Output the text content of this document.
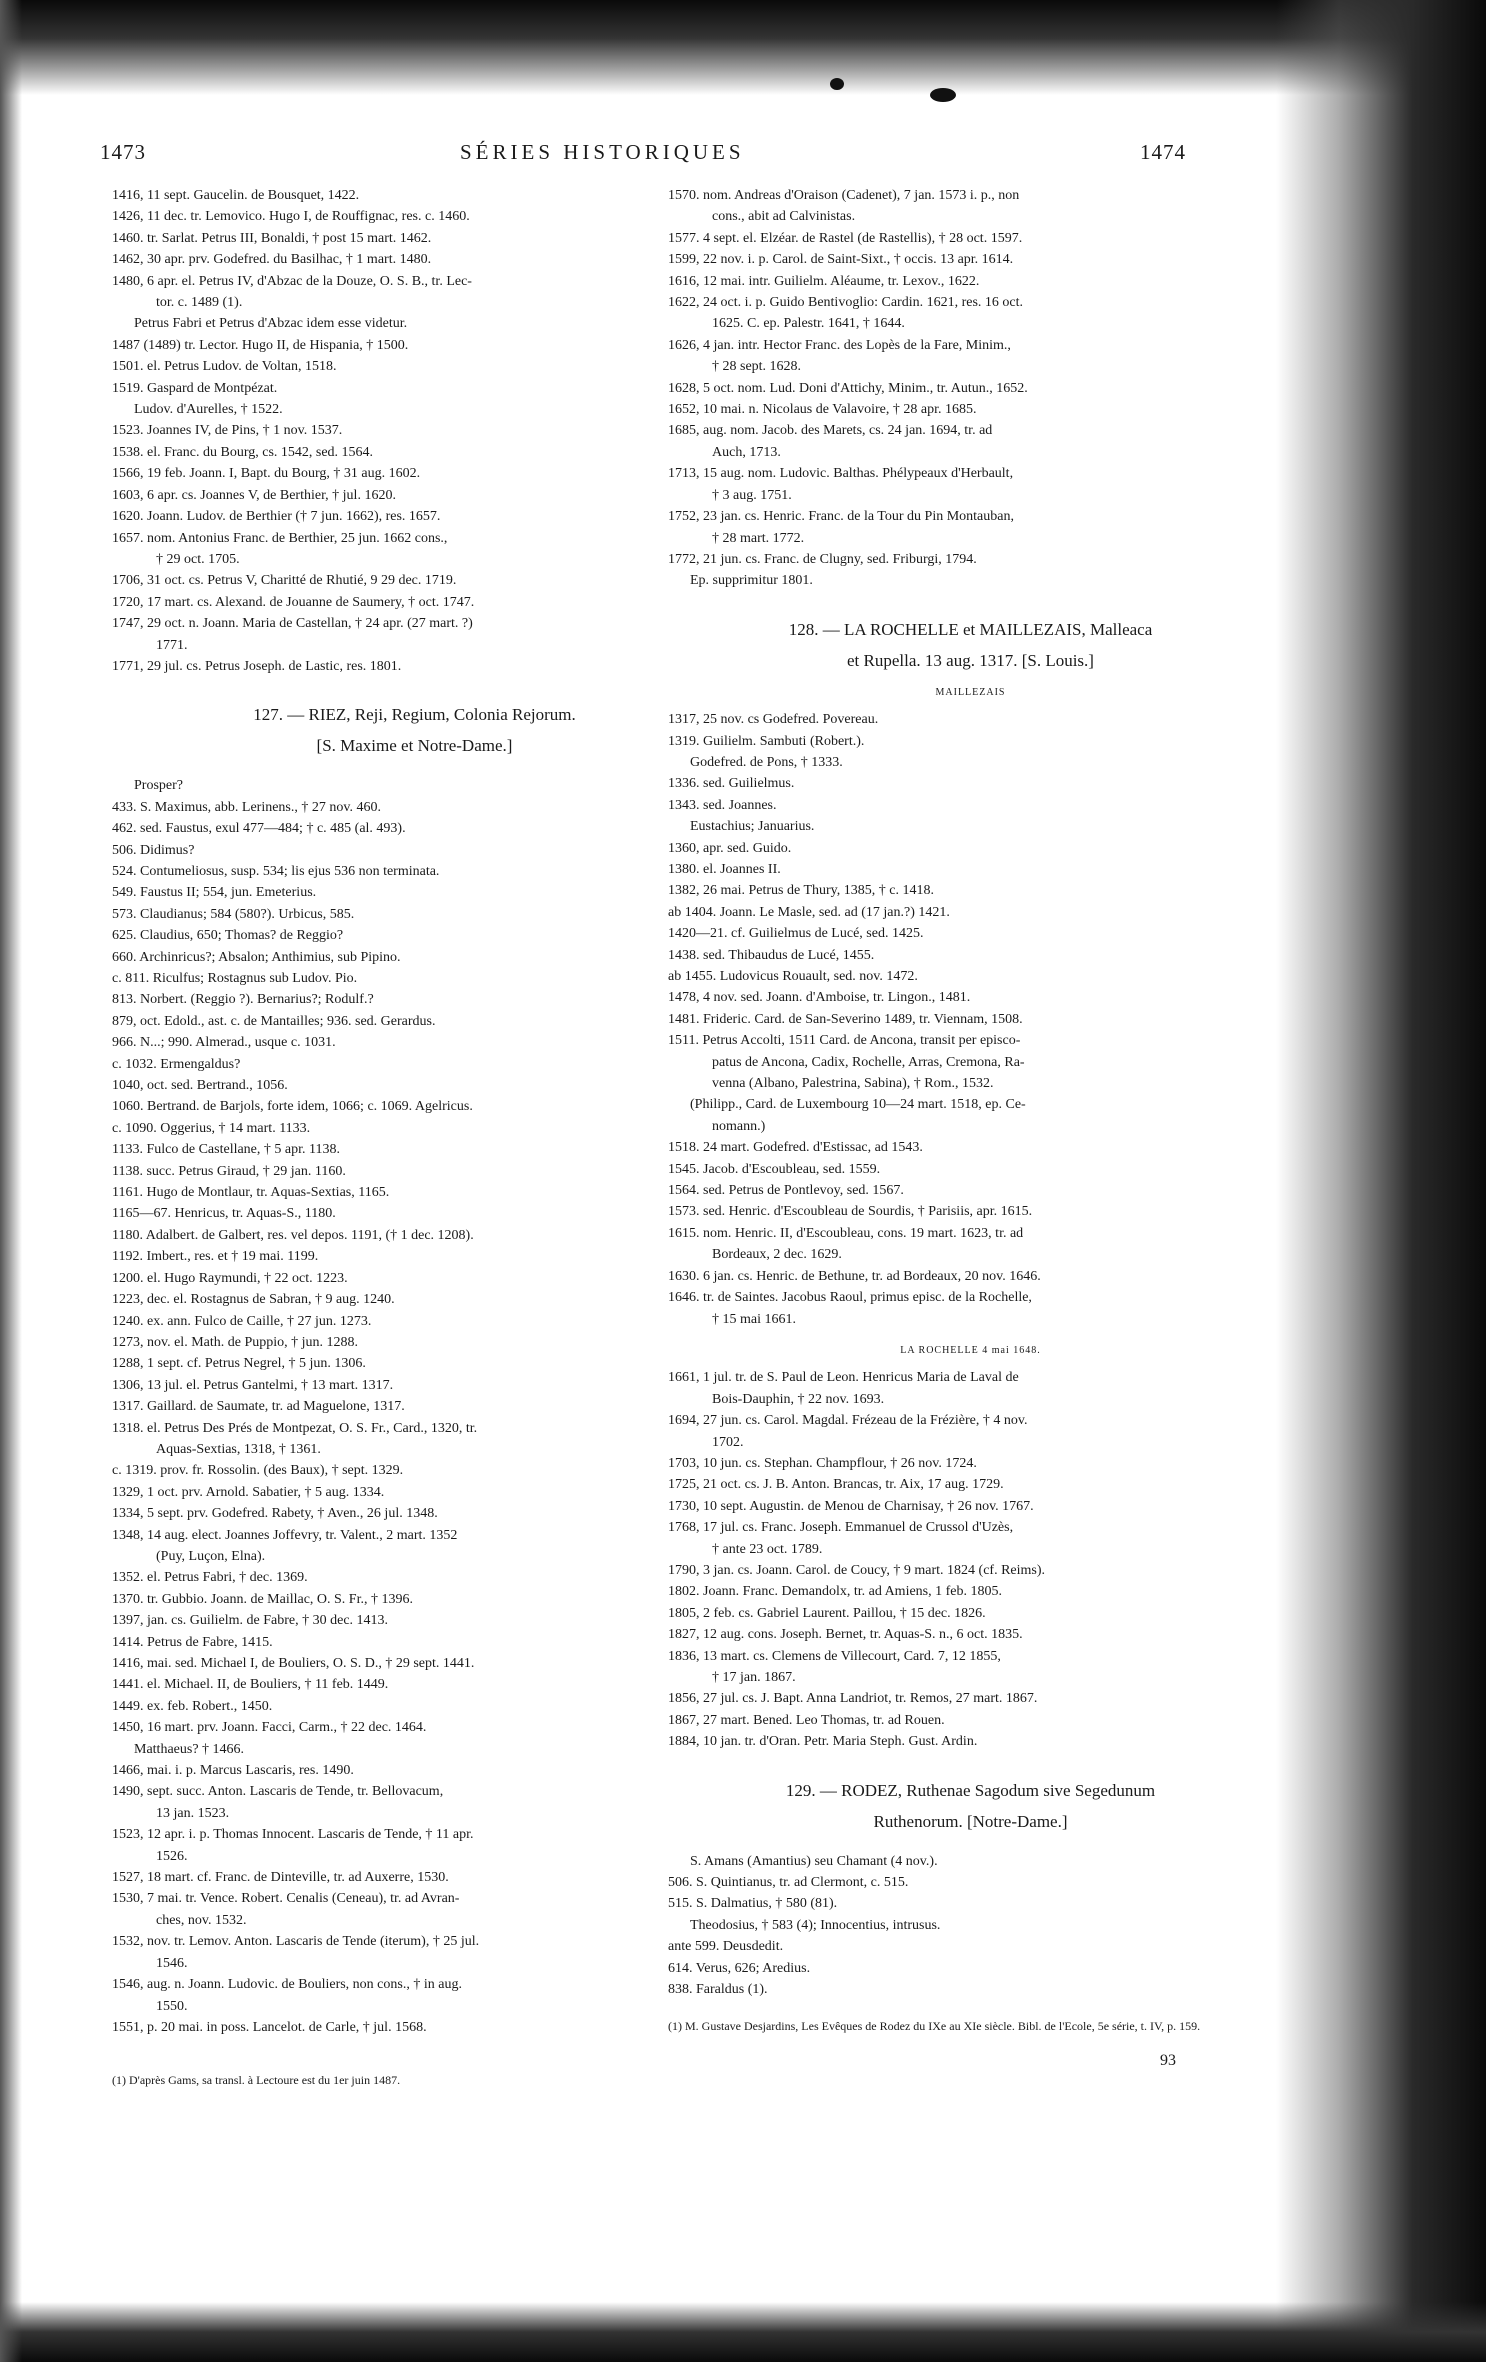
1473	SÉRIES HISTORIQUES	1474
1416, 11 sept. Gaucelin. de Bousquet, 1422.
1426, 11 dec. tr. Lemovico. Hugo I, de Rouffignac, res. c. 1460.
1460. tr. Sarlat. Petrus III, Bonaldi, † post 15 mart. 1462.
1462, 30 apr. prv. Godefred. du Basilhac, † 1 mart. 1480.
1480, 6 apr. el. Petrus IV, d'Abzac de la Douze, O. S. B., tr. Lec-
tor. c. 1489 (1).
Petrus Fabri et Petrus d'Abzac idem esse videtur.
1487 (1489) tr. Lector. Hugo II, de Hispania, † 1500.
1501. el. Petrus Ludov. de Voltan, 1518.
1519. Gaspard de Montpézat.
Ludov. d'Aurelles, † 1522.
1523. Joannes IV, de Pins, † 1 nov. 1537.
1538. el. Franc. du Bourg, cs. 1542, sed. 1564.
1566, 19 feb. Joann. I, Bapt. du Bourg, † 31 aug. 1602.
1603, 6 apr. cs. Joannes V, de Berthier, † jul. 1620.
1620. Joann. Ludov. de Berthier († 7 jun. 1662), res. 1657.
1657. nom. Antonius Franc. de Berthier, 25 jun. 1662 cons.,
† 29 oct. 1705.
1706, 31 oct. cs. Petrus V, Charitté de Rhutié, 9 29 dec. 1719.
1720, 17 mart. cs. Alexand. de Jouanne de Saumery, † oct. 1747.
1747, 29 oct. n. Joann. Maria de Castellan, † 24 apr. (27 mart. ?)
1771.
1771, 29 jul. cs. Petrus Joseph. de Lastic, res. 1801.
127. — RIEZ, Reji, Regium, Colonia Rejorum.
[S. Maxime et Notre-Dame.]
Prosper?
433. S. Maximus, abb. Lerinens., † 27 nov. 460.
462. sed. Faustus, exul 477—484; † c. 485 (al. 493).
506. Didimus?
524. Contumeliosus, susp. 534; lis ejus 536 non terminata.
549. Faustus II; 554, jun. Emeterius.
573. Claudianus; 584 (580?). Urbicus, 585.
625. Claudius, 650; Thomas? de Reggio?
660. Archinricus?; Absalon; Anthimius, sub Pipino.
c. 811. Riculfus; Rostagnus sub Ludov. Pio.
813. Norbert. (Reggio ?). Bernarius?; Rodulf.?
879, oct. Edold., ast. c. de Mantailles; 936. sed. Gerardus.
966. N...; 990. Almerad., usque c. 1031.
c. 1032. Ermengaldus?
1040, oct. sed. Bertrand., 1056.
1060. Bertrand. de Barjols, forte idem, 1066; c. 1069. Agelricus.
c. 1090. Oggerius, † 14 mart. 1133.
1133. Fulco de Castellane, † 5 apr. 1138.
1138. succ. Petrus Giraud, † 29 jan. 1160.
1161. Hugo de Montlaur, tr. Aquas-Sextias, 1165.
1165—67. Henricus, tr. Aquas-S., 1180.
1180. Adalbert. de Galbert, res. vel depos. 1191, († 1 dec. 1208).
1192. Imbert., res. et † 19 mai. 1199.
1200. el. Hugo Raymundi, † 22 oct. 1223.
1223, dec. el. Rostagnus de Sabran, † 9 aug. 1240.
1240. ex. ann. Fulco de Caille, † 27 jun. 1273.
1273, nov. el. Math. de Puppio, † jun. 1288.
1288, 1 sept. cf. Petrus Negrel, † 5 jun. 1306.
1306, 13 jul. el. Petrus Gantelmi, † 13 mart. 1317.
1317. Gaillard. de Saumate, tr. ad Maguelone, 1317.
1318. el. Petrus Des Prés de Montpezat, O. S. Fr., Card., 1320, tr.
Aquas-Sextias, 1318, † 1361.
c. 1319. prov. fr. Rossolin. (des Baux), † sept. 1329.
1329, 1 oct. prv. Arnold. Sabatier, † 5 aug. 1334.
1334, 5 sept. prv. Godefred. Rabety, † Aven., 26 jul. 1348.
1348, 14 aug. elect. Joannes Joffevry, tr. Valent., 2 mart. 1352
(Puy, Luçon, Elna).
1352. el. Petrus Fabri, † dec. 1369.
1370. tr. Gubbio. Joann. de Maillac, O. S. Fr., † 1396.
1397, jan. cs. Guilielm. de Fabre, † 30 dec. 1413.
1414. Petrus de Fabre, 1415.
1416, mai. sed. Michael I, de Bouliers, O. S. D., † 29 sept. 1441.
1441. el. Michael. II, de Bouliers, † 11 feb. 1449.
1449. ex. feb. Robert., 1450.
1450, 16 mart. prv. Joann. Facci, Carm., † 22 dec. 1464.
Matthaeus? † 1466.
1466, mai. i. p. Marcus Lascaris, res. 1490.
1490, sept. succ. Anton. Lascaris de Tende, tr. Bellovacum,
13 jan. 1523.
1523, 12 apr. i. p. Thomas Innocent. Lascaris de Tende, † 11 apr.
1526.
1527, 18 mart. cf. Franc. de Dinteville, tr. ad Auxerre, 1530.
1530, 7 mai. tr. Vence. Robert. Cenalis (Ceneau), tr. ad Avran-
ches, nov. 1532.
1532, nov. tr. Lemov. Anton. Lascaris de Tende (iterum), † 25 jul.
1546.
1546, aug. n. Joann. Ludovic. de Bouliers, non cons., † in aug.
1550.
1551, p. 20 mai. in poss. Lancelot. de Carle, † jul. 1568.
(1) D'après Gams, sa transl. à Lectoure est du 1er juin 1487.
1570. nom. Andreas d'Oraison (Cadenet), 7 jan. 1573 i. p., non
cons., abit ad Calvinistas.
1577. 4 sept. el. Elzéar. de Rastel (de Rastellis), † 28 oct. 1597.
1599, 22 nov. i. p. Carol. de Saint-Sixt., † occis. 13 apr. 1614.
1616, 12 mai. intr. Guilielm. Aléaume, tr. Lexov., 1622.
1622, 24 oct. i. p. Guido Bentivoglio: Cardin. 1621, res. 16 oct.
1625. C. ep. Palestr. 1641, † 1644.
1626, 4 jan. intr. Hector Franc. des Lopès de la Fare, Minim.,
† 28 sept. 1628.
1628, 5 oct. nom. Lud. Doni d'Attichy, Minim., tr. Autun., 1652.
1652, 10 mai. n. Nicolaus de Valavoire, † 28 apr. 1685.
1685, aug. nom. Jacob. des Marets, cs. 24 jan. 1694, tr. ad
Auch, 1713.
1713, 15 aug. nom. Ludovic. Balthas. Phélypeaux d'Herbault,
† 3 aug. 1751.
1752, 23 jan. cs. Henric. Franc. de la Tour du Pin Montauban,
† 28 mart. 1772.
1772, 21 jun. cs. Franc. de Clugny, sed. Friburgi, 1794.
Ep. supprimitur 1801.
128. — LA ROCHELLE et MAILLEZAIS, Malleaca
et Rupella. 13 aug. 1317. [S. Louis.]
MAILLEZAIS
1317, 25 nov. cs Godefred. Povereau.
1319. Guilielm. Sambuti (Robert.).
Godefred. de Pons, † 1333.
1336. sed. Guilielmus.
1343. sed. Joannes.
Eustachius; Januarius.
1360, apr. sed. Guido.
1380. el. Joannes II.
1382, 26 mai. Petrus de Thury, 1385, † c. 1418.
ab 1404. Joann. Le Masle, sed. ad (17 jan.?) 1421.
1420—21. cf. Guilielmus de Lucé, sed. 1425.
1438. sed. Thibaudus de Lucé, 1455.
ab 1455. Ludovicus Rouault, sed. nov. 1472.
1478, 4 nov. sed. Joann. d'Amboise, tr. Lingon., 1481.
1481. Frideric. Card. de San-Severino 1489, tr. Viennam, 1508.
1511. Petrus Accolti, 1511 Card. de Ancona, transit per episco-
patus de Ancona, Cadix, Rochelle, Arras, Cremona, Ra-
venna (Albano, Palestrina, Sabina), † Rom., 1532.
(Philipp., Card. de Luxembourg 10—24 mart. 1518, ep. Ce-
nomann.)
1518. 24 mart. Godefred. d'Estissac, ad 1543.
1545. Jacob. d'Escoubleau, sed. 1559.
1564. sed. Petrus de Pontlevoy, sed. 1567.
1573. sed. Henric. d'Escoubleau de Sourdis, † Parisiis, apr. 1615.
1615. nom. Henric. II, d'Escoubleau, cons. 19 mart. 1623, tr. ad
Bordeaux, 2 dec. 1629.
1630. 6 jan. cs. Henric. de Bethune, tr. ad Bordeaux, 20 nov. 1646.
1646. tr. de Saintes. Jacobus Raoul, primus episc. de la Rochelle,
† 15 mai 1661.
LA ROCHELLE 4 mai 1648.
1661, 1 jul. tr. de S. Paul de Leon. Henricus Maria de Laval de
Bois-Dauphin, † 22 nov. 1693.
1694, 27 jun. cs. Carol. Magdal. Frézeau de la Frézière, † 4 nov.
1702.
1703, 10 jun. cs. Stephan. Champflour, † 26 nov. 1724.
1725, 21 oct. cs. J. B. Anton. Brancas, tr. Aix, 17 aug. 1729.
1730, 10 sept. Augustin. de Menou de Charnisay, † 26 nov. 1767.
1768, 17 jul. cs. Franc. Joseph. Emmanuel de Crussol d'Uzès,
† ante 23 oct. 1789.
1790, 3 jan. cs. Joann. Carol. de Coucy, † 9 mart. 1824 (cf. Reims).
1802. Joann. Franc. Demandolx, tr. ad Amiens, 1 feb. 1805.
1805, 2 feb. cs. Gabriel Laurent. Paillou, † 15 dec. 1826.
1827, 12 aug. cons. Joseph. Bernet, tr. Aquas-S. n., 6 oct. 1835.
1836, 13 mart. cs. Clemens de Villecourt, Card. 7, 12 1855,
† 17 jan. 1867.
1856, 27 jul. cs. J. Bapt. Anna Landriot, tr. Remos, 27 mart. 1867.
1867, 27 mart. Bened. Leo Thomas, tr. ad Rouen.
1884, 10 jan. tr. d'Oran. Petr. Maria Steph. Gust. Ardin.
129. — RODEZ, Ruthenae Sagodum sive Segedunum
Ruthenorum. [Notre-Dame.]
S. Amans (Amantius) seu Chamant (4 nov.).
506. S. Quintianus, tr. ad Clermont, c. 515.
515. S. Dalmatius, † 580 (81).
Theodosius, † 583 (4); Innocentius, intrusus.
ante 599. Deusdedit.
614. Verus, 626; Aredius.
838. Faraldus (1).
(1) M. Gustave Desjardins, Les Evêques de Rodez du IXe au XIe siècle. Bibl. de l'Ecole, 5e série, t. IV, p. 159.
93
